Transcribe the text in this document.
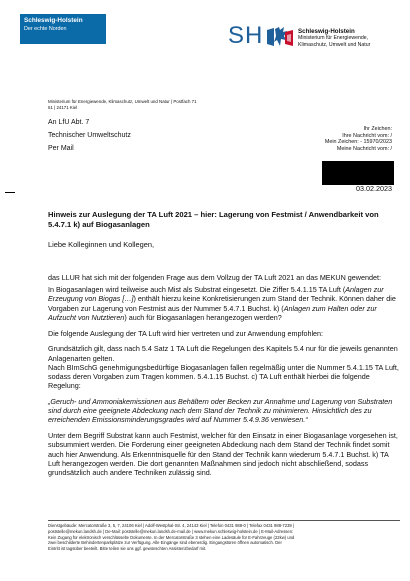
Schleswig-Holstein
Der echte Norden	SH	Schleswig-Holstein
Ministerium für Energiewende,
Klimaschutz, Umwelt und Natur
Ministerium für Energiewende, Klimaschutz, Umwelt und Natur | Postfach 71 51 | 24171 Kiel
An LfU Abt. 7
Technischer Umweltschutz
Per Mail
Ihr Zeichen:
Ihre Nachricht vom: /
Mein Zeichen: - 15970/2023
Meine Nachricht vom: /
03.02.2023
Hinweis zur Auslegung der TA Luft 2021 – hier: Lagerung von Festmist / Anwendbarkeit von 5.4.7.1 k) auf Biogasanlagen
Liebe Kolleginnen und Kollegen,

das LLUR hat sich mit der folgenden Frage aus dem Vollzug der TA Luft 2021 an das MEKUN gewendet:

In Biogasanlagen wird teilweise auch Mist als Substrat eingesetzt. Die Ziffer 5.4.1.15 TA Luft (Anlagen zur Erzeugung von Biogas […]) enthält hierzu keine Konkretisierungen zum Stand der Technik. Können daher die Vorgaben zur Lagerung von Festmist aus der Nummer 5.4.7.1 Buchst. k) (Anlagen zum Halten oder zur Aufzucht von Nutztieren) auch für Biogasanlagen herangezogen werden?

Die folgende Auslegung der TA Luft wird hier vertreten und zur Anwendung empfohlen:

Grundsätzlich gilt, dass nach 5.4 Satz 1 TA Luft die Regelungen des Kapitels 5.4 nur für die jeweils genannten Anlagenarten gelten.

Nach BImSchG genehmigungsbedürftige Biogasanlagen fallen regelmäßig unter die Nummer 5.4.1.15 TA Luft, sodass deren Vorgaben zum Tragen kommen. 5.4.1.15 Buchst. c) TA Luft enthält hierbei die folgende Regelung:

„Geruch- und Ammoniakemissionen aus Behältern oder Becken zur Annahme und Lagerung von Substraten sind durch eine geeignete Abdeckung nach dem Stand der Technik zu minimieren. Hinsichtlich des zu erreichenden Emissionsminderungsgrades wird auf Nummer 5.4.9.36 verwiesen.“

Unter dem Begriff Substrat kann auch Festmist, welcher für den Einsatz in einer Biogasanlage vorgesehen ist, subsummiert werden. Die Forderung einer geeigneten Abdeckung nach dem Stand der Technik findet somit auch hier Anwendung. Als Erkenntnisquelle für den Stand der Technik kann wiederum 5.4.7.1 Buchst. k) TA Luft herangezogen werden. Die dort genannten Maßnahmen sind jedoch nicht abschließend, sodass grundsätzlich auch andere Techniken zulässig sind.

Dienstgebäude: Mercatorstraße 3, 5, 7, 24106 Kiel | Adolf-Westphal-Str. 4, 24143 Kiel | Telefon 0431 988-0 | Telefax 0431 988-7239 |
poststelle@mekun.landsh.de | De-Mail: poststelle@mekun.landsh.de-mail.de | www.mekun.schleswig-holstein.de | E-Mail-Adressen:
Kein Zugang für elektronisch verschlüsselte Dokumente. In der Mercatorstraße 3 stehen eine Ladesäule für E-Fahrzeuge (22kw) und
zwei beschilderte Behindertenparkplätze zur Verfügung. Alle Eingänge sind ebenerdig. Eingangstüren öffnen automatisch. Der
Eintritt ist tagsüber beeteilt. Bitte teilen sie uns ggf. gewünschten Assistenzbedarf mit.
